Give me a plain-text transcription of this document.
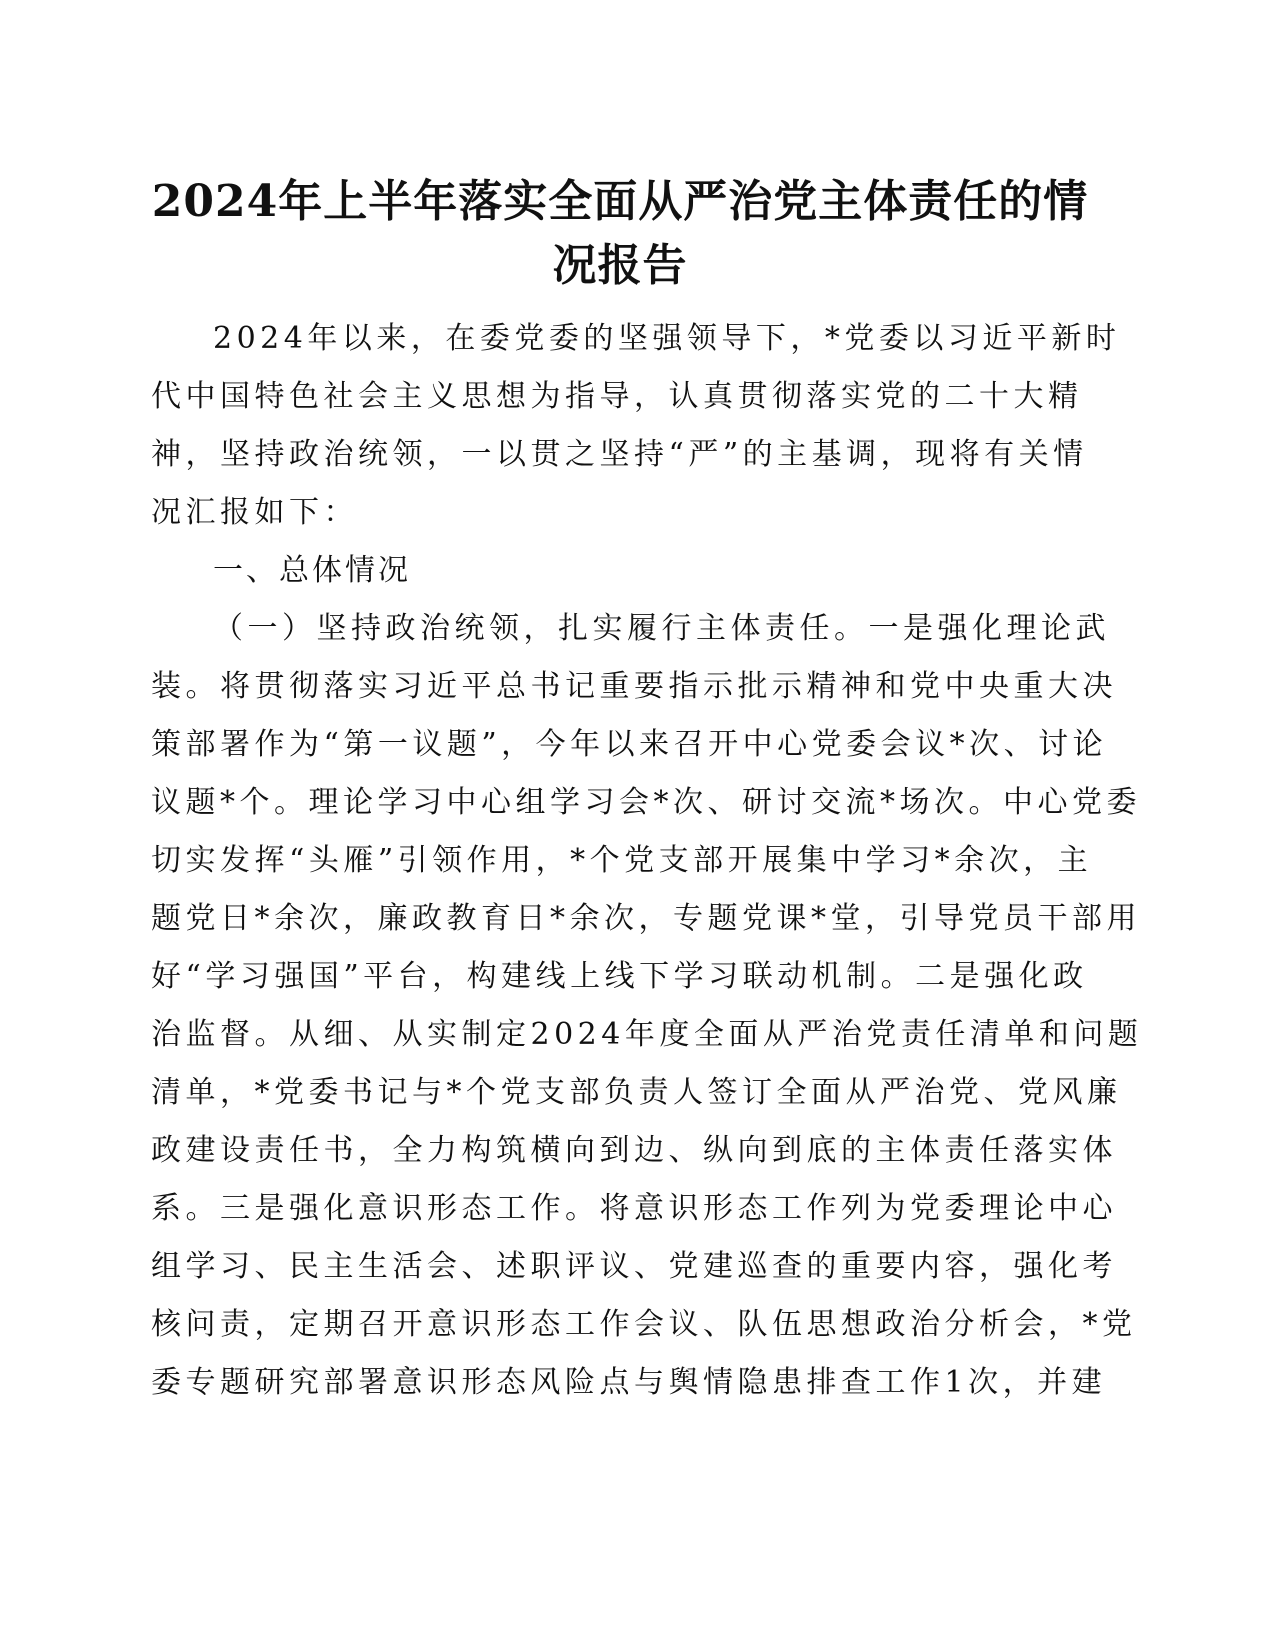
2024年上半年落实全面从严治党主体责任的情
况报告
2024年以来，在委党委的坚强领导下，*党委以习近平新时
代中国特色社会主义思想为指导，认真贯彻落实党的二十大精
神，坚持政治统领，一以贯之坚持“严”的主基调，现将有关情
况汇报如下：
一、总体情况
（一）坚持政治统领，扎实履行主体责任。一是强化理论武
装。将贯彻落实习近平总书记重要指示批示精神和党中央重大决
策部署作为“第一议题”，今年以来召开中心党委会议*次、讨论
议题*个。理论学习中心组学习会*次、研讨交流*场次。中心党委
切实发挥“头雁”引领作用，*个党支部开展集中学习*余次，主
题党日*余次，廉政教育日*余次，专题党课*堂，引导党员干部用
好“学习强国”平台，构建线上线下学习联动机制。二是强化政
治监督。从细、从实制定2024年度全面从严治党责任清单和问题
清单，*党委书记与*个党支部负责人签订全面从严治党、党风廉
政建设责任书，全力构筑横向到边、纵向到底的主体责任落实体
系。三是强化意识形态工作。将意识形态工作列为党委理论中心
组学习、民主生活会、述职评议、党建巡查的重要内容，强化考
核问责，定期召开意识形态工作会议、队伍思想政治分析会，*党
委专题研究部署意识形态风险点与舆情隐患排查工作1次，并建
